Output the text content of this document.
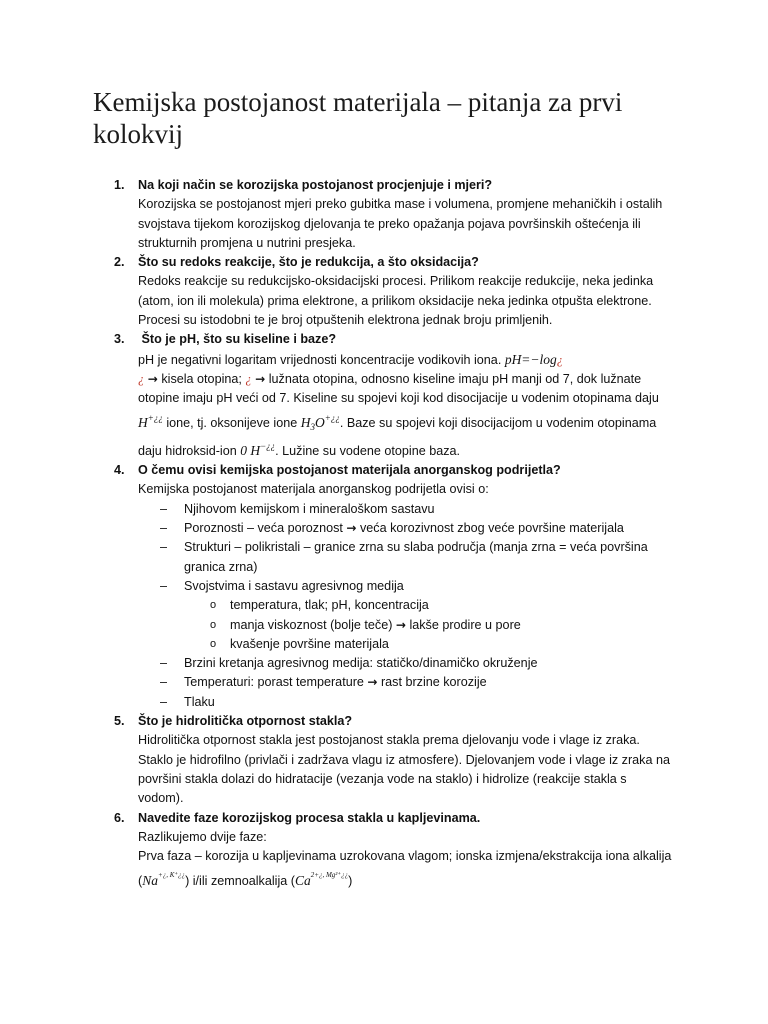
Kemijska postojanost materijala – pitanja za prvi kolokvij
1. Na koji način se korozijska postojanost procjenjuje i mjeri?
Korozijska se postojanost mjeri preko gubitka mase i volumena, promjene mehaničkih i ostalih svojstava tijekom korozijskog djelovanja te preko opažanja pojava površinskih oštećenja ili strukturnih promjena u nutrini presjeka.
2. Što su redoks reakcije, što je redukcija, a što oksidacija?
Redoks reakcije su redukcijsko-oksidacijski procesi. Prilikom reakcije redukcije, neka jedinka (atom, ion ili molekula) prima elektrone, a prilikom oksidacije neka jedinka otpušta elektrone. Procesi su istodobni te je broj otpuštenih elektrona jednak broju primljenih.
3. Što je pH, što su kiseline i baze?
pH je negativni logaritam vrijednosti koncentracije vodikovih iona. pH=−log¿
¿ → kisela otopina; ¿ → lužnata otopina, odnosno kiseline imaju pH manji od 7, dok lužnate otopine imaju pH veći od 7. Kiseline su spojevi koji kod disocijacije u vodenim otopinama daju H+¿¿ ione, tj. oksonijeve ione $H_3O^{+¿¿}$. Baze su spojevi koji disocijacijom u vodenim otopinama daju hidroksid-ion 0 H−¿¿. Lužine su vodene otopine baza.
4. O čemu ovisi kemijska postojanost materijala anorganskog podrijetla?
Kemijska postojanost materijala anorganskog podrijetla ovisi o:
– Njihovom kemijskom i mineraloškom sastavu
– Poroznosti – veća poroznost → veća korozivnost zbog veće površine materijala
– Strukturi – polikristali – granice zrna su slaba područja (manja zrna = veća površina granica zrna)
– Svojstvima i sastavu agresivnog medija
o temperatura, tlak; pH, koncentracija
o manja viskoznost (bolje teče) → lakše prodire u pore
o kvašenje površine materijala
– Brzini kretanja agresivnog medija: statičko/dinamičko okruženje
– Temperaturi: porast temperature → rast brzine korozije
– Tlaku
5. Što je hidrolitička otpornost stakla?
Hidrolitička otpornost stakla jest postojanost stakla prema djelovanju vode i vlage iz zraka. Staklo je hidrofilno (privlači i zadržava vlagu iz atmosfere). Djelovanjem vode i vlage iz zraka na površini stakla dolazi do hidratacije (vezanja vode na staklo) i hidrolize (reakcije stakla s vodom).
6. Navedite faze korozijskog procesa stakla u kapljevinama.
Razlikujemo dvije faze:
Prva faza – korozija u kapljevinama uzrokovana vlagom; ionska izmjena/ekstrakcija iona alkalija $(Na^{+¿, K^+¿¿})$ i/ili zemnoalkalija $(Ca^{2+¿, Mg^{2+}¿¿})$
